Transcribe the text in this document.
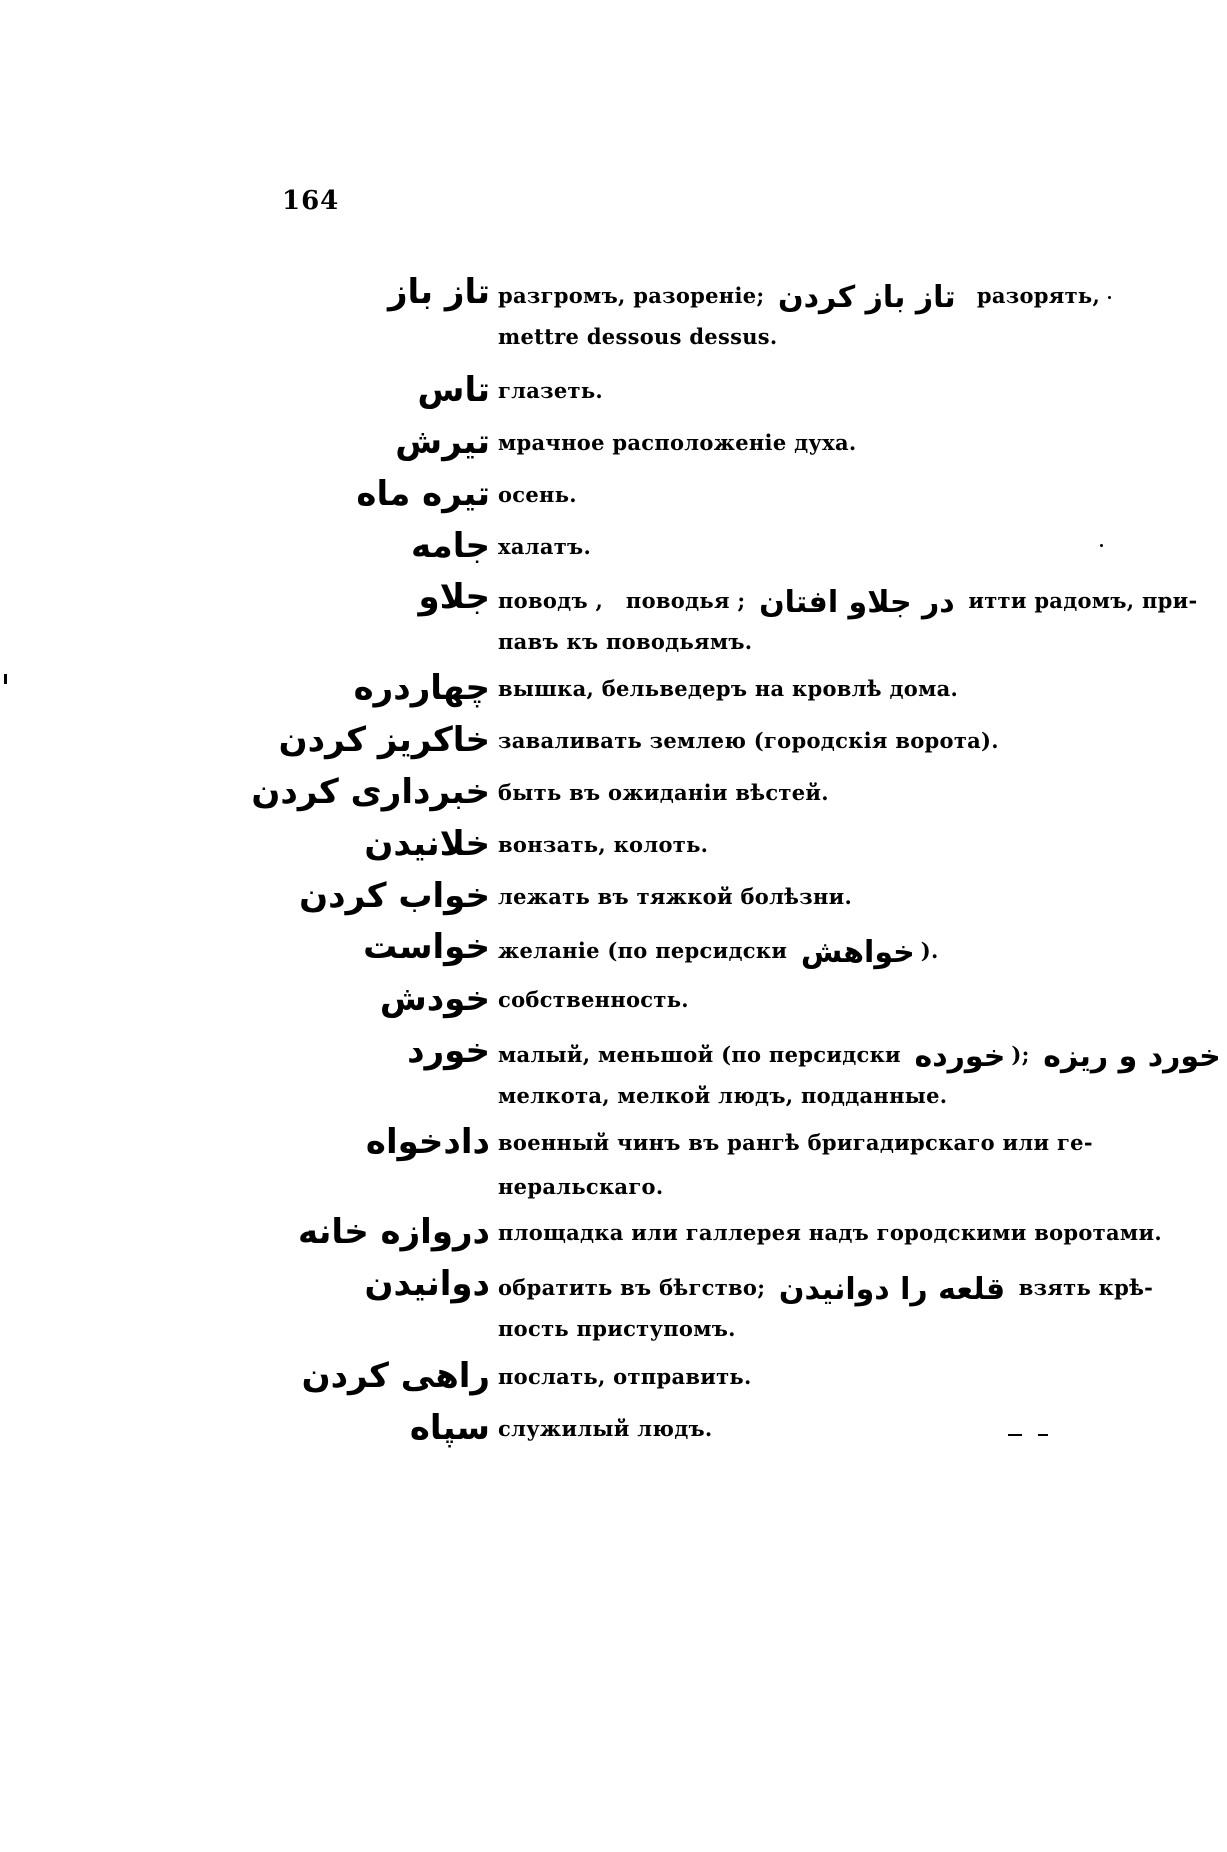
164
تاز باز разгромъ, разореніе; تاز باز کردن  разорять,
mettre dessous dessus.
تاس глазеть.
تیرش мрачное расположеніе духа.
تیره ماه осень.
جامه халатъ.
جلاو поводъ ,   поводья ; در جلاو افتان итти радомъ, при-
павъ къ поводьямъ.
چهاردره вышка, бельведеръ на кровлѣ дома.
خاکریز کردن заваливать землею (городскія ворота).
خبرداری کردن быть въ ожиданіи вѣстей.
خلانیدن вонзать, колоть.
خواب کردن лежать въ тяжкой болѣзни.
خواست желаніе (по персидски خواهش ).
خودش собственность.
خورد малый, меньшой (по персидски خورده ); خورد و ریزه
мелкота, мелкой людъ, подданные.
دادخواه военный чинъ въ рангѣ бригадирскаго или ге-
неральскаго.
دروازه خانه площадка или галлерея надъ городскими воротами.
دوانیدن обратить въ бѣгство; قلعه را دوانیدن взять крѣ-
пость приступомъ.
راهی کردن послать, отправить.
سپاه служилый людъ.
